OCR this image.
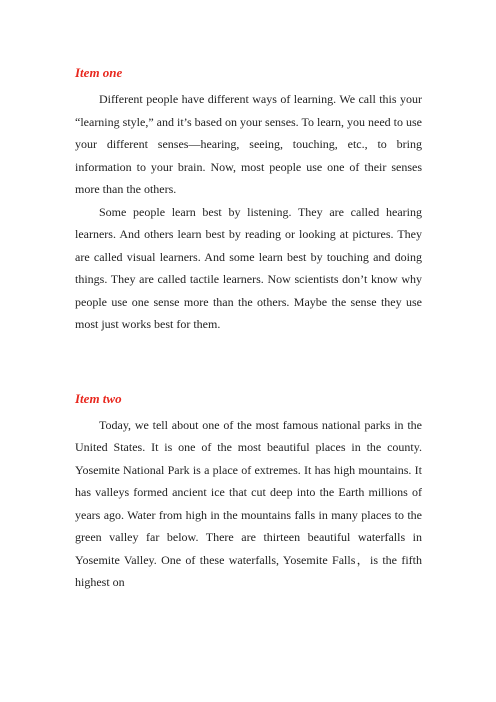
Item one

Different people have different ways of learning. We call this your “learning style,” and it’s based on your senses. To learn, you need to use your different senses—hearing, seeing, touching, etc., to bring information to your brain. Now, most people use one of their senses more than the others.

Some people learn best by listening. They are called hearing learners. And others learn best by reading or looking at pictures. They are called visual learners. And some learn best by touching and doing things. They are called tactile learners. Now scientists don’t know why people use one sense more than the others. Maybe the sense they use most just works best for them.

Item two

Today, we tell about one of the most famous national parks in the United States. It is one of the most beautiful places in the county. Yosemite National Park is a place of extremes. It has high mountains. It has valleys formed ancient ice that cut deep into the Earth millions of years ago. Water from high in the mountains falls in many places to the green valley far below. There are thirteen beautiful waterfalls in Yosemite Valley. One of these waterfalls, Yosemite Falls，is the fifth highest on
